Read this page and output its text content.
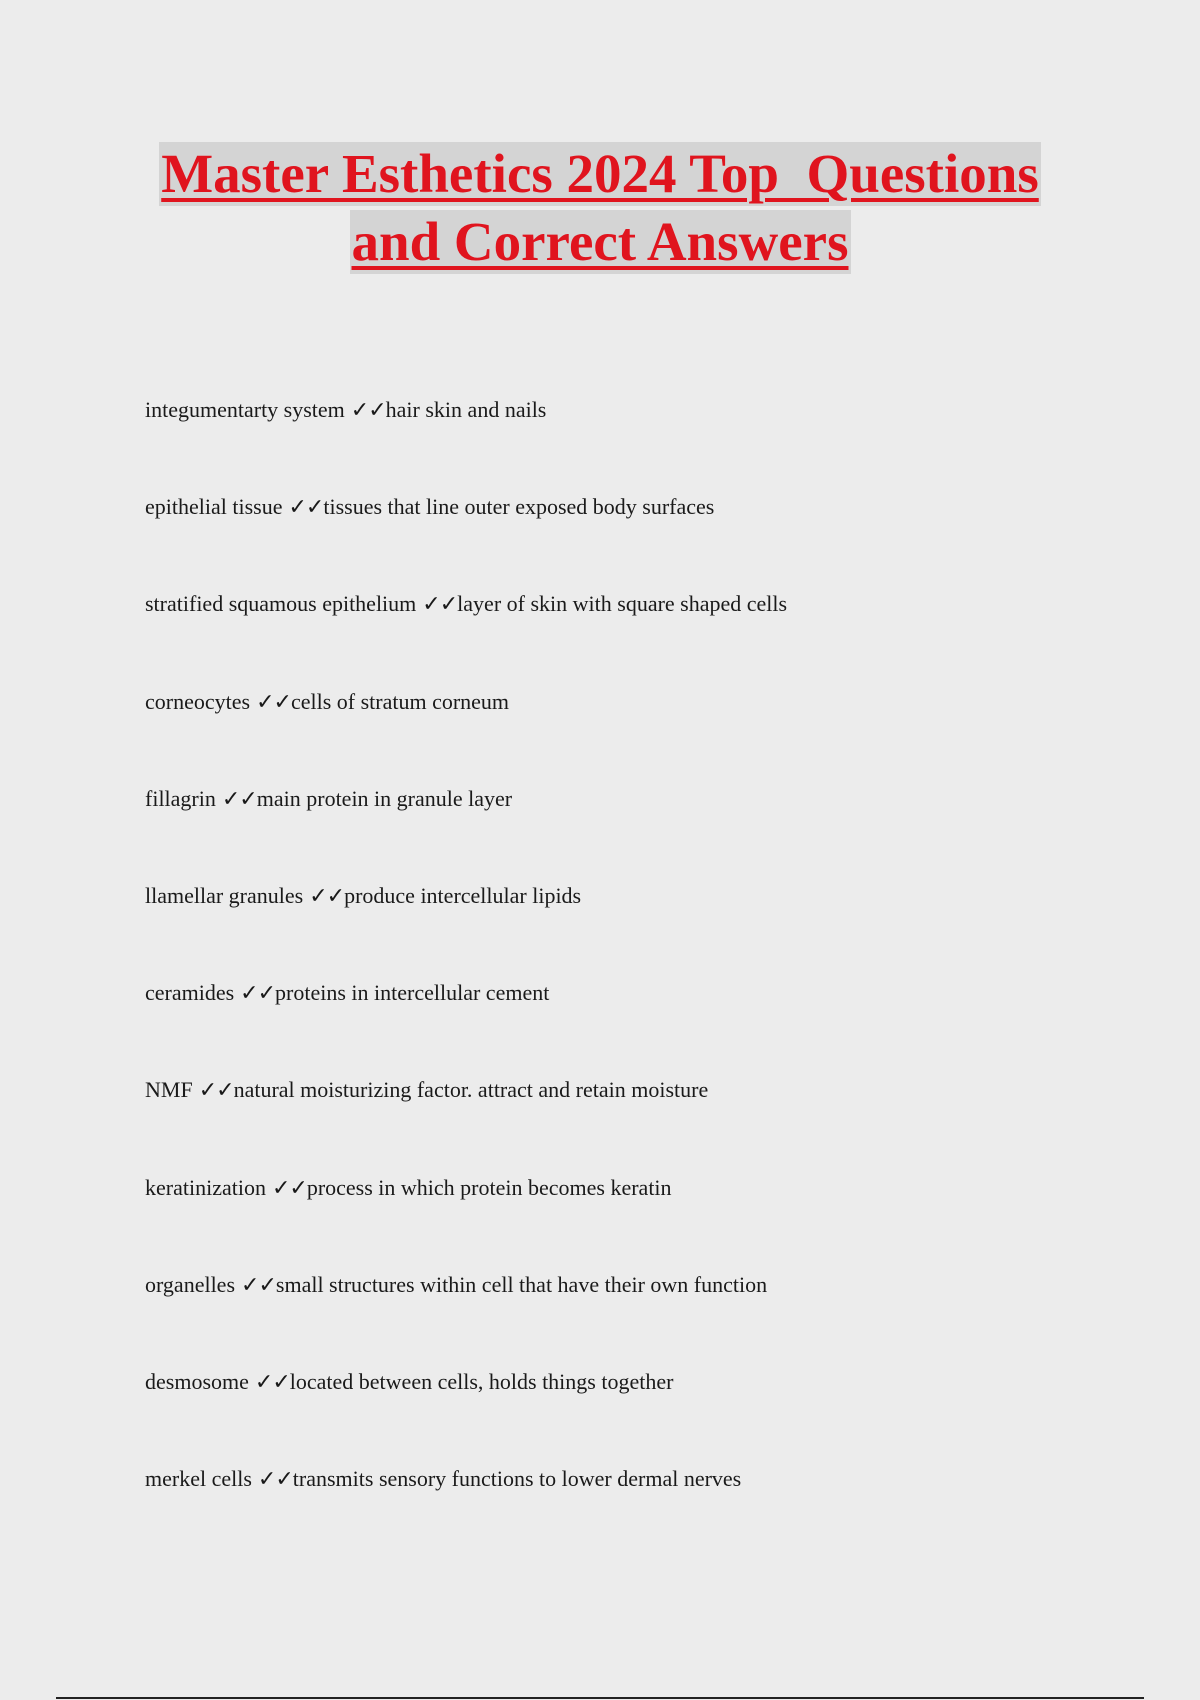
Master Esthetics 2024 Top  Questions
and Correct Answers
integumentarty system ✓✓hair skin and nails
epithelial tissue ✓✓tissues that line outer exposed body surfaces
stratified squamous epithelium ✓✓layer of skin with square shaped cells
corneocytes ✓✓cells of stratum corneum
fillagrin ✓✓main protein in granule layer
llamellar granules ✓✓produce intercellular lipids
ceramides ✓✓proteins in intercellular cement
NMF ✓✓natural moisturizing factor. attract and retain moisture
keratinization ✓✓process in which protein becomes keratin
organelles ✓✓small structures within cell that have their own function
desmosome ✓✓located between cells, holds things together
merkel cells ✓✓transmits sensory functions to lower dermal nerves
